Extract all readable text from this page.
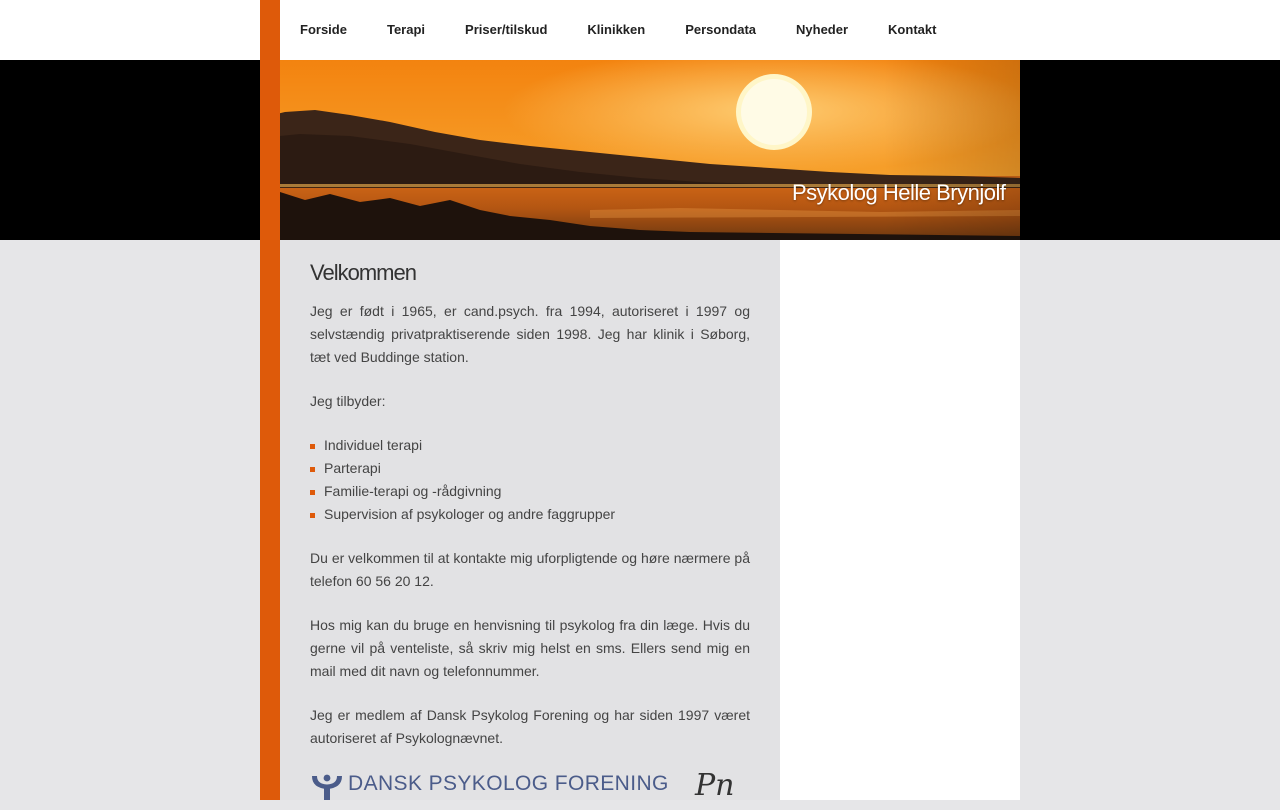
Forside	Terapi	Priser/tilskud	Klinikken	Persondata	Nyheder	Kontakt
Psykolog Helle Brynjolf
Velkommen

Jeg er født i 1965, er cand.psych. fra 1994, autoriseret i 1997 og selvstændig privatpraktiserende siden 1998. Jeg har klinik i Søborg, tæt ved Buddinge station.

Jeg tilbyder:

Individuel terapi
Parterapi
Familie-terapi og -rådgivning
Supervision af psykologer og andre faggrupper

Du er velkommen til at kontakte mig uforpligtende og høre nærmere på telefon 60 56 20 12.

Hos mig kan du bruge en henvisning til psykolog fra din læge. Hvis du gerne vil på venteliste, så skriv mig helst en sms. Ellers send mig en mail med dit navn og telefonnummer.

Jeg er medlem af Dansk Psykolog Forening og har siden 1997 været autoriseret af Psykolognævnet.

DANSK PSYKOLOG FORENING Pn
